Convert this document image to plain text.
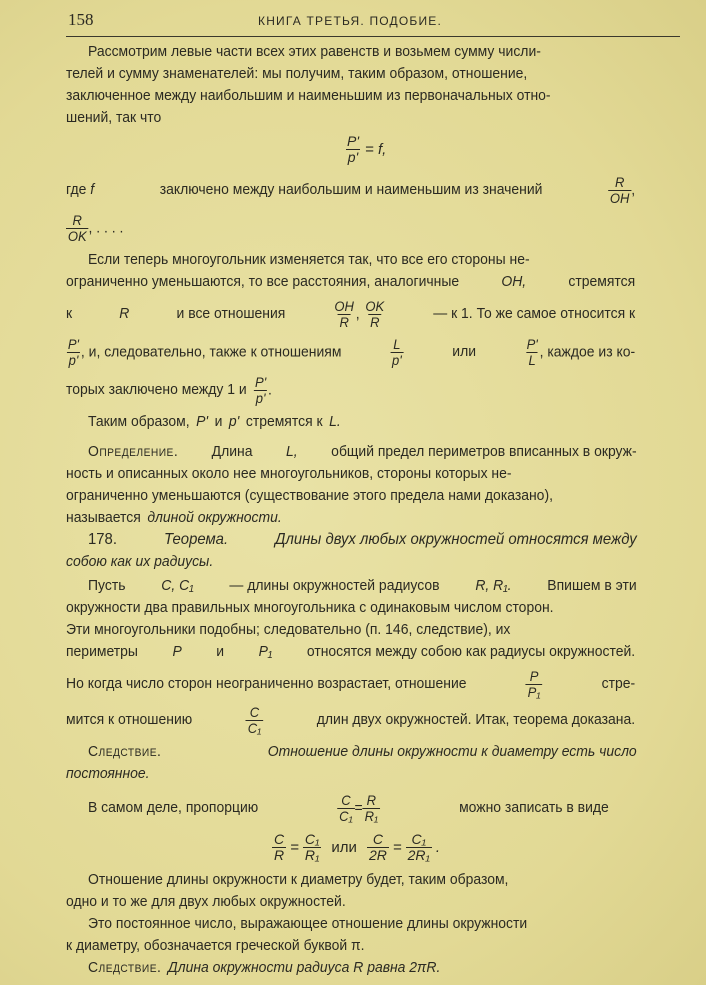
158	КНИГА ТРЕТЬЯ. ПОДОБИЕ.
Рассмотрим левые части всех этих равенств и возьмем сумму числи-
телей и сумму знаменателей: мы получим, таким образом, отношение,
заключенное между наибольшим и наименьшим из первоначальных отно-
шений, так что
$\frac{P'}{p'} = f$,
где f	заключено между наибольшим и наименьшим из значений	$\frac{R}{OH}$ ,
$\frac{R}{OK}$ , . . . .
Если теперь многоугольник изменяется так, что все его стороны не-
ограниченно уменьшаются, то все расстояния, аналогичные	OH,	стремятся
к	R	и все отношения	$\frac{OH}{R}$ , $\frac{OK}{R}$	— к 1. То же самое относится к
$\frac{P'}{p'}$ , и, следовательно, также к отношениям	$\frac{L}{p'}$	или	$\frac{P'}{L}$ , каждое из ко-
торых заключено между 1 и $\frac{P'}{p'}$ .
Таким образом, P' и p' стремятся к L.
Определение. Длина L, общий предел периметров вписанных в окруж-
ность и описанных около нее многоугольников, стороны которых не-
ограниченно уменьшаются (существование этого предела нами доказано),
называется длиной окружности.
178.	Теорема.	Длины двух любых окружностей относятся между
собою как их радиусы.
Пусть C, C₁ — длины окружностей радиусов R, R₁. Впишем в эти
окружности два правильных многоугольника с одинаковым числом сторон.
Эти многоугольники подобны; следовательно (п. 146, следствие), их
периметры P и P₁ относятся между собою как радиусы окружностей.
Но когда число сторон неограниченно возрастает, отношение	$\frac{P}{\text{P₁}}$	стре-
мится к отношению	$\frac{C}{\text{C₁}}$	длин двух окружностей. Итак, теорема доказана.
Следствие.	Отношение длины окружности к диаметру есть число
постоянное.
В самом деле, пропорцию	$\frac{C}{\text{C₁}} = \frac{R}{\text{R₁}}$	можно записать в виде
$\frac{C}{R} = \frac{\text{C₁}}{\text{R₁}}$ или $\frac{C}{2R} = \frac{\text{C₁}}{\text{2R₁}}$ .
Отношение длины окружности к диаметру будет, таким образом,
одно и то же для двух любых окружностей.
Это постоянное число, выражающее отношение длины окружности
к диаметру, обозначается греческой буквой π.
Следствие. Длина окружности радиуса R равна 2πR.
